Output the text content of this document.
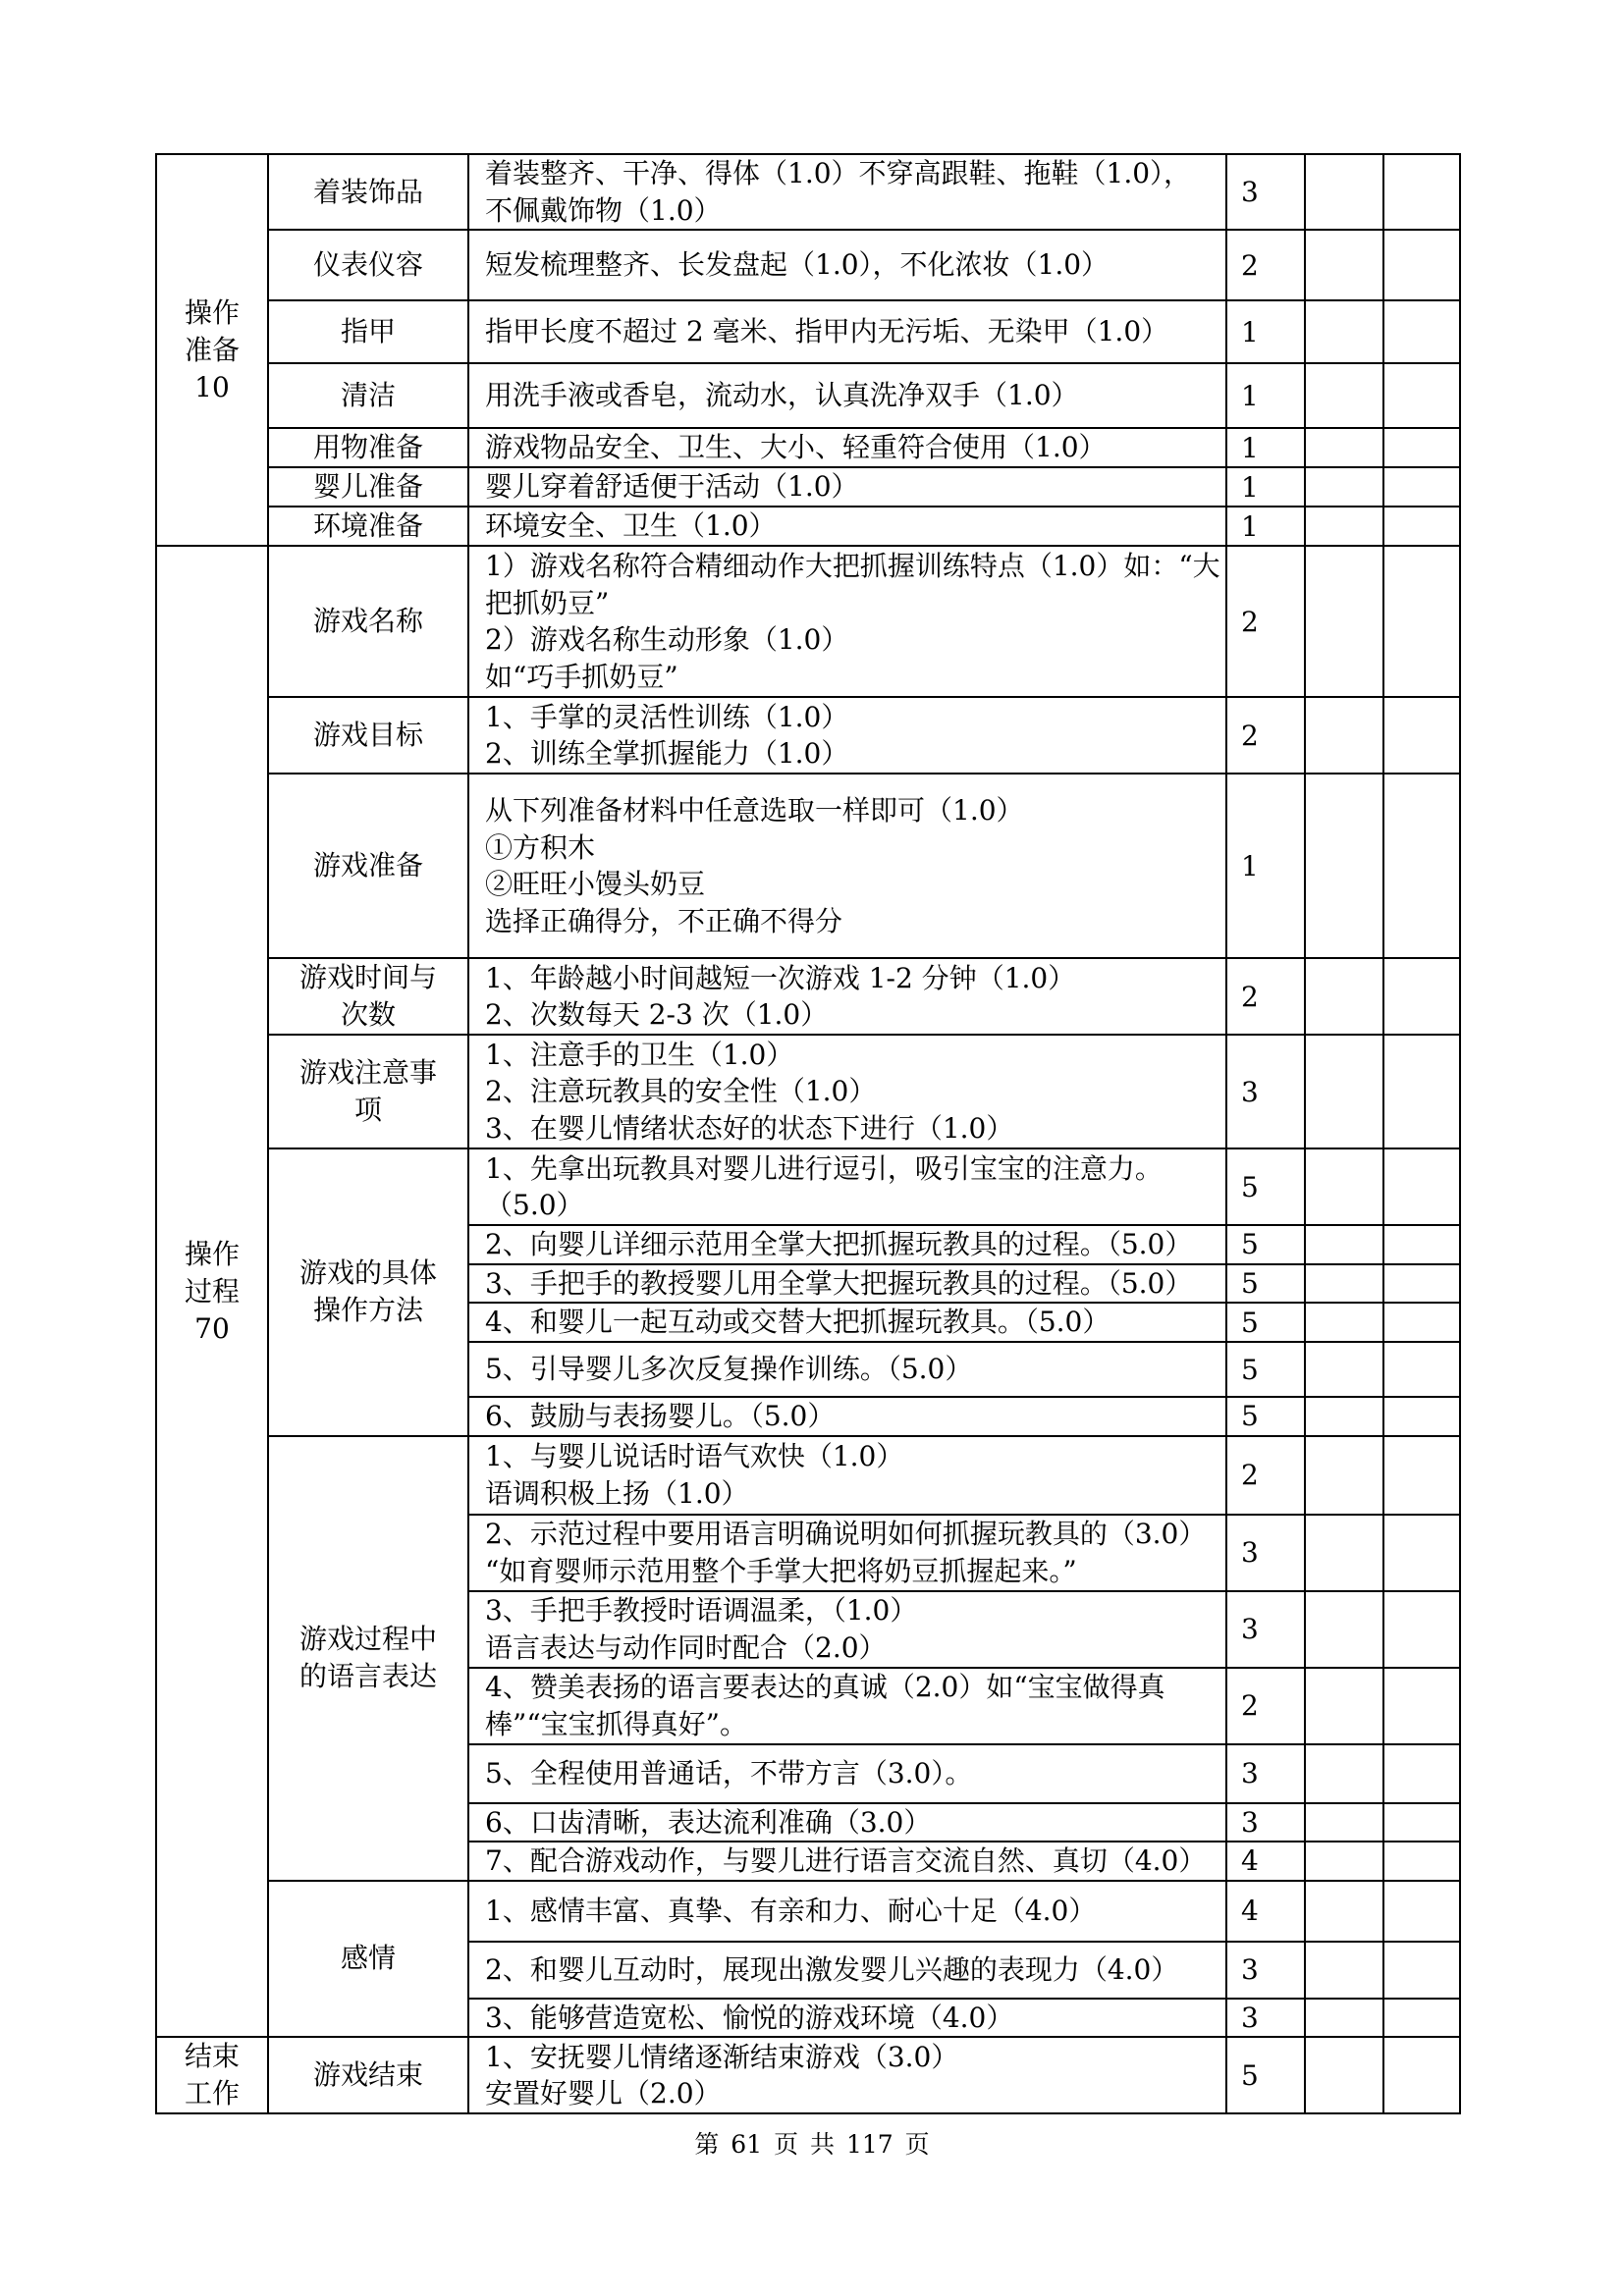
操作
准备
10	着装饰品	着装整齐、干净、得体（1.0）不穿高跟鞋、拖鞋（1.0），
不佩戴饰物（1.0）	3			

	仪表仪容	短发梳理整齐、长发盘起（1.0），不化浓妆（1.0）	2			

	指甲	指甲长度不超过 2 毫米、指甲内无污垢、无染甲（1.0）	1			

	清洁	用洗手液或香皂，流动水，认真洗净双手（1.0）	1			

	用物准备	游戏物品安全、卫生、大小、轻重符合使用（1.0）	1			

	婴儿准备	婴儿穿着舒适便于活动（1.0）	1			

	环境准备	环境安全、卫生（1.0）	1			

操作
过程
70	游戏名称	1）游戏名称符合精细动作大把抓握训练特点（1.0）如：“大
把抓奶豆”
2）游戏名称生动形象（1.0）
如“巧手抓奶豆”	2			

	游戏目标	1、手掌的灵活性训练（1.0）
2、训练全掌抓握能力（1.0）	2			

	游戏准备	从下列准备材料中任意选取一样即可（1.0）
①方积木
②旺旺小馒头奶豆
选择正确得分，不正确不得分	1			

	游戏时间与
次数	1、年龄越小时间越短一次游戏 1-2 分钟（1.0）
2、次数每天 2-3 次（1.0）	2			

	游戏注意事
项	1、注意手的卫生（1.0）
2、注意玩教具的安全性（1.0）
3、在婴儿情绪状态好的状态下进行（1.0）	3			

	游戏的具体
操作方法	1、先拿出玩教具对婴儿进行逗引，吸引宝宝的注意力。
（5.0）	5			

		2、向婴儿详细示范用全掌大把抓握玩教具的过程。（5.0）	5			

		3、手把手的教授婴儿用全掌大把握玩教具的过程。（5.0）	5			

		4、和婴儿一起互动或交替大把抓握玩教具。（5.0）	5			

		5、引导婴儿多次反复操作训练。（5.0）	5			

		6、鼓励与表扬婴儿。（5.0）	5			

	游戏过程中
的语言表达	1、与婴儿说话时语气欢快（1.0）
语调积极上扬（1.0）	2			

		2、示范过程中要用语言明确说明如何抓握玩教具的（3.0）
“如育婴师示范用整个手掌大把将奶豆抓握起来。”	3			

		3、手把手教授时语调温柔，（1.0）
语言表达与动作同时配合（2.0）	3			

		4、赞美表扬的语言要表达的真诚（2.0）如“宝宝做得真
棒”“宝宝抓得真好”。	2			

		5、全程使用普通话，不带方言（3.0）。	3			

		6、口齿清晰，表达流利准确（3.0）	3			

		7、配合游戏动作，与婴儿进行语言交流自然、真切（4.0）	4			

	感情	1、感情丰富、真挚、有亲和力、耐心十足（4.0）	4			

		2、和婴儿互动时，展现出激发婴儿兴趣的表现力（4.0）	3			

		3、能够营造宽松、愉悦的游戏环境（4.0）	3			

结束
工作	游戏结束	1、安抚婴儿情绪逐渐结束游戏（3.0）
安置好婴儿（2.0）	5			
第 61 页 共 117 页
